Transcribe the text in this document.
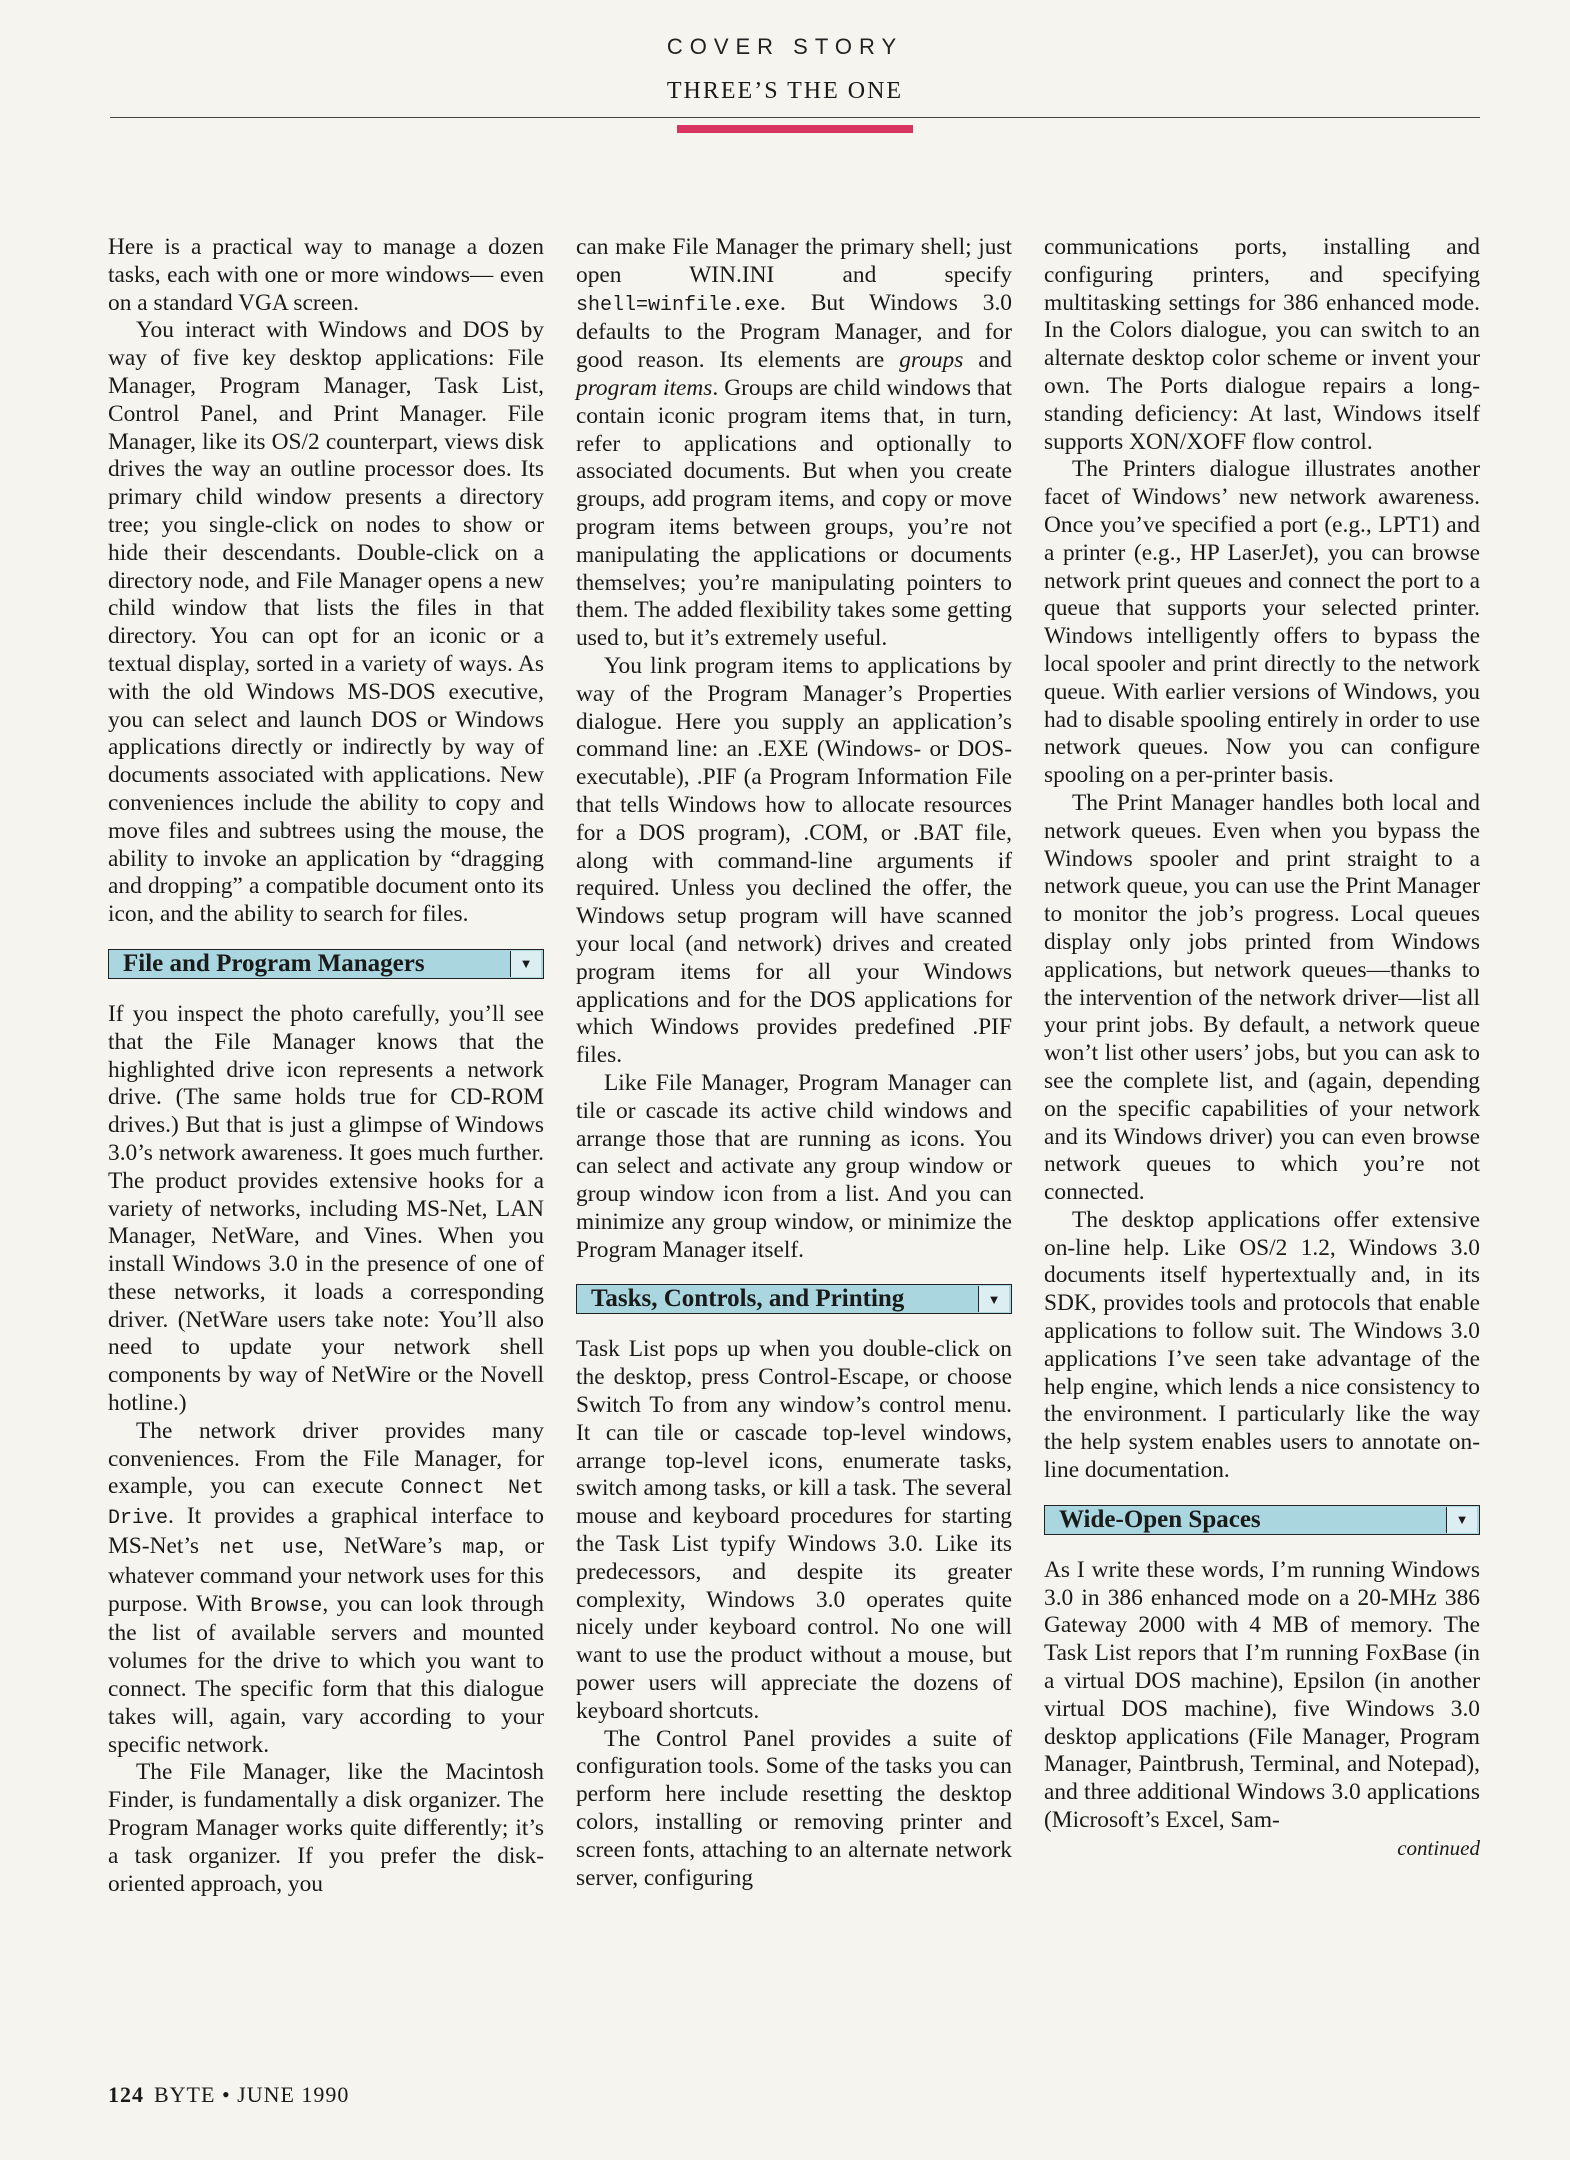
COVER STORY
THREE’S THE ONE

Here is a practical way to manage a dozen tasks, each with one or more windows— even on a standard VGA screen.

You interact with Windows and DOS by way of five key desktop applications: File Manager, Program Manager, Task List, Control Panel, and Print Manager. File Manager, like its OS/2 counterpart, views disk drives the way an outline processor does. Its primary child window presents a directory tree; you single-click on nodes to show or hide their descendants. Double-click on a directory node, and File Manager opens a new child window that lists the files in that directory. You can opt for an iconic or a textual display, sorted in a variety of ways. As with the old Windows MS-DOS executive, you can select and launch DOS or Windows applications directly or indirectly by way of documents associated with applications. New conveniences include the ability to copy and move files and subtrees using the mouse, the ability to invoke an application by “dragging and dropping” a compatible document onto its icon, and the ability to search for files.

File and Program Managers	▼

If you inspect the photo carefully, you’ll see that the File Manager knows that the highlighted drive icon represents a network drive. (The same holds true for CD-ROM drives.) But that is just a glimpse of Windows 3.0’s network awareness. It goes much further. The product provides extensive hooks for a variety of networks, including MS-Net, LAN Manager, NetWare, and Vines. When you install Windows 3.0 in the presence of one of these networks, it loads a corresponding driver. (NetWare users take note: You’ll also need to update your network shell components by way of NetWire or the Novell hotline.)

The network driver provides many conveniences. From the File Manager, for example, you can execute Connect Net Drive. It provides a graphical interface to MS-Net’s net use, NetWare’s map, or whatever command your network uses for this purpose. With Browse, you can look through the list of available servers and mounted volumes for the drive to which you want to connect. The specific form that this dialogue takes will, again, vary according to your specific network.

The File Manager, like the Macintosh Finder, is fundamentally a disk organizer. The Program Manager works quite differently; it’s a task organizer. If you prefer the disk-oriented approach, you

can make File Manager the primary shell; just open WIN.INI and specify shell=winfile.exe. But Windows 3.0 defaults to the Program Manager, and for good reason. Its elements are groups and program items. Groups are child windows that contain iconic program items that, in turn, refer to applications and optionally to associated documents. But when you create groups, add program items, and copy or move program items between groups, you’re not manipulating the applications or documents themselves; you’re manipulating pointers to them. The added flexibility takes some getting used to, but it’s extremely useful.

You link program items to applications by way of the Program Manager’s Properties dialogue. Here you supply an application’s command line: an .EXE (Windows- or DOS-executable), .PIF (a Program Information File that tells Windows how to allocate resources for a DOS program), .COM, or .BAT file, along with command-line arguments if required. Unless you declined the offer, the Windows setup program will have scanned your local (and network) drives and created program items for all your Windows applications and for the DOS applications for which Windows provides predefined .PIF files.

Like File Manager, Program Manager can tile or cascade its active child windows and arrange those that are running as icons. You can select and activate any group window or group window icon from a list. And you can minimize any group window, or minimize the Program Manager itself.

Tasks, Controls, and Printing	▼

Task List pops up when you double-click on the desktop, press Control-Escape, or choose Switch To from any window’s control menu. It can tile or cascade top-level windows, arrange top-level icons, enumerate tasks, switch among tasks, or kill a task. The several mouse and keyboard procedures for starting the Task List typify Windows 3.0. Like its predecessors, and despite its greater complexity, Windows 3.0 operates quite nicely under keyboard control. No one will want to use the product without a mouse, but power users will appreciate the dozens of keyboard shortcuts.

The Control Panel provides a suite of configuration tools. Some of the tasks you can perform here include resetting the desktop colors, installing or removing printer and screen fonts, attaching to an alternate network server, configuring

communications ports, installing and configuring printers, and specifying multitasking settings for 386 enhanced mode. In the Colors dialogue, you can switch to an alternate desktop color scheme or invent your own. The Ports dialogue repairs a long-standing deficiency: At last, Windows itself supports XON/XOFF flow control.

The Printers dialogue illustrates another facet of Windows’ new network awareness. Once you’ve specified a port (e.g., LPT1) and a printer (e.g., HP LaserJet), you can browse network print queues and connect the port to a queue that supports your selected printer. Windows intelligently offers to bypass the local spooler and print directly to the network queue. With earlier versions of Windows, you had to disable spooling entirely in order to use network queues. Now you can configure spooling on a per-printer basis.

The Print Manager handles both local and network queues. Even when you bypass the Windows spooler and print straight to a network queue, you can use the Print Manager to monitor the job’s progress. Local queues display only jobs printed from Windows applications, but network queues—thanks to the intervention of the network driver—list all your print jobs. By default, a network queue won’t list other users’ jobs, but you can ask to see the complete list, and (again, depending on the specific capabilities of your network and its Windows driver) you can even browse network queues to which you’re not connected.

The desktop applications offer extensive on-line help. Like OS/2 1.2, Windows 3.0 documents itself hypertextually and, in its SDK, provides tools and protocols that enable applications to follow suit. The Windows 3.0 applications I’ve seen take advantage of the help engine, which lends a nice consistency to the environment. I particularly like the way the help system enables users to annotate on-line documentation.

Wide-Open Spaces	▼

As I write these words, I’m running Windows 3.0 in 386 enhanced mode on a 20-MHz 386 Gateway 2000 with 4 MB of memory. The Task List repors that I’m running FoxBase (in a virtual DOS machine), Epsilon (in another virtual DOS machine), five Windows 3.0 desktop applications (File Manager, Program Manager, Paintbrush, Terminal, and Notepad), and three additional Windows 3.0 applications (Microsoft’s Excel, Sam-

continued
124 BYTE • JUNE 1990
